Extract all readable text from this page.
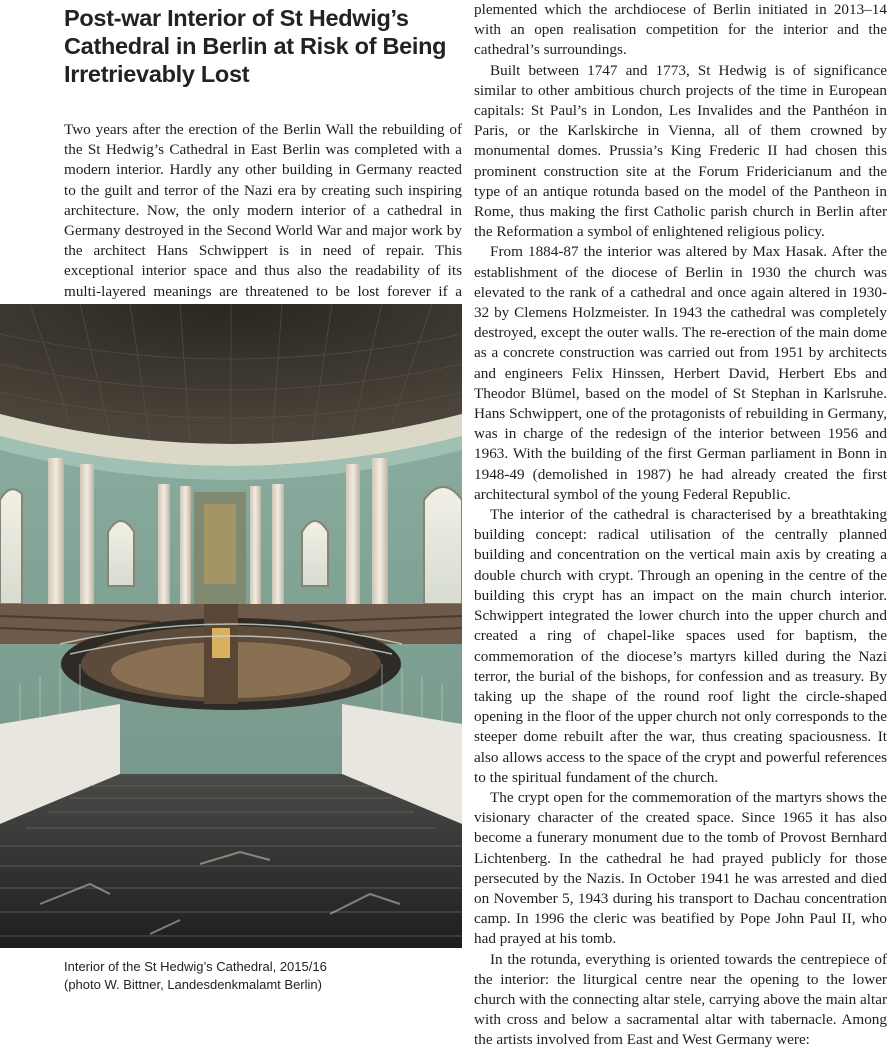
Post-war Interior of St Hedwig’s Cathedral in Berlin at Risk of Being Irretrievably Lost

Two years after the erection of the Berlin Wall the rebuilding of the St Hedwig’s Cathedral in East Berlin was completed with a modern interior. Hardly any other building in Germany reacted to the guilt and terror of the Nazi era by creating such inspiring architecture. Now, the only modern interior of a cathedral in Germany destroyed in the Second World War and major work by the architect Hans Schwippert is in need of repair. This exceptional interior space and thus also the readability of its multi-layered meanings are threatened to be lost forever if a

Interior of the St Hedwig’s Cathedral, 2015/16
(photo W. Bittner, Landesdenkmalamt Berlin)

plemented which the archdiocese of Berlin initiated in 2013–14 with an open realisation competition for the interior and the cathedral’s surroundings.

Built between 1747 and 1773, St Hedwig is of significance similar to other ambitious church projects of the time in European capitals: St Paul’s in London, Les Invalides and the Panthéon in Paris, or the Karlskirche in Vienna, all of them crowned by monumental domes. Prussia’s King Frederic II had chosen this prominent construction site at the Forum Fridericianum and the type of an antique rotunda based on the model of the Pantheon in Rome, thus making the first Catholic parish church in Berlin after the Reformation a symbol of enlightened religious policy.

From 1884-87 the interior was altered by Max Hasak. After the establishment of the diocese of Berlin in 1930 the church was elevated to the rank of a cathedral and once again altered in 1930-32 by Clemens Holzmeister. In 1943 the cathedral was completely destroyed, except the outer walls. The re-erection of the main dome as a concrete construction was carried out from 1951 by architects and engineers Felix Hinssen, Herbert David, Herbert Ebs and Theodor Blümel, based on the model of St Stephan in Karlsruhe. Hans Schwippert, one of the protagonists of rebuilding in Germany, was in charge of the redesign of the interior between 1956 and 1963. With the building of the first German parliament in Bonn in 1948-49 (demolished in 1987) he had already created the first architectural symbol of the young Federal Republic.

The interior of the cathedral is characterised by a breathtaking building concept: radical utilisation of the centrally planned building and concentration on the vertical main axis by creating a double church with crypt. Through an opening in the centre of the building this crypt has an impact on the main church interior. Schwippert integrated the lower church into the upper church and created a ring of chapel-like spaces used for baptism, the commemoration of the diocese’s martyrs killed during the Nazi terror, the burial of the bishops, for confession and as treasury. By taking up the shape of the round roof light the circle-shaped opening in the floor of the upper church not only corresponds to the steeper dome rebuilt after the war, thus creating spaciousness. It also allows access to the space of the crypt and powerful references to the spiritual fundament of the church.

The crypt open for the commemoration of the martyrs shows the visionary character of the created space. Since 1965 it has also become a funerary monument due to the tomb of Provost Bernhard Lichtenberg. In the cathedral he had prayed publicly for those persecuted by the Nazis. In October 1941 he was arrested and died on November 5, 1943 during his transport to Dachau concentration camp. In 1996 the cleric was beatified by Pope John Paul II, who had prayed at his tomb.

In the rotunda, everything is oriented towards the centrepiece of the interior: the liturgical centre near the opening to the lower church with the connecting altar stele, carrying above the main altar with cross and below a sacramental altar with tabernacle. Among the artists involved from East and West Germany were:
